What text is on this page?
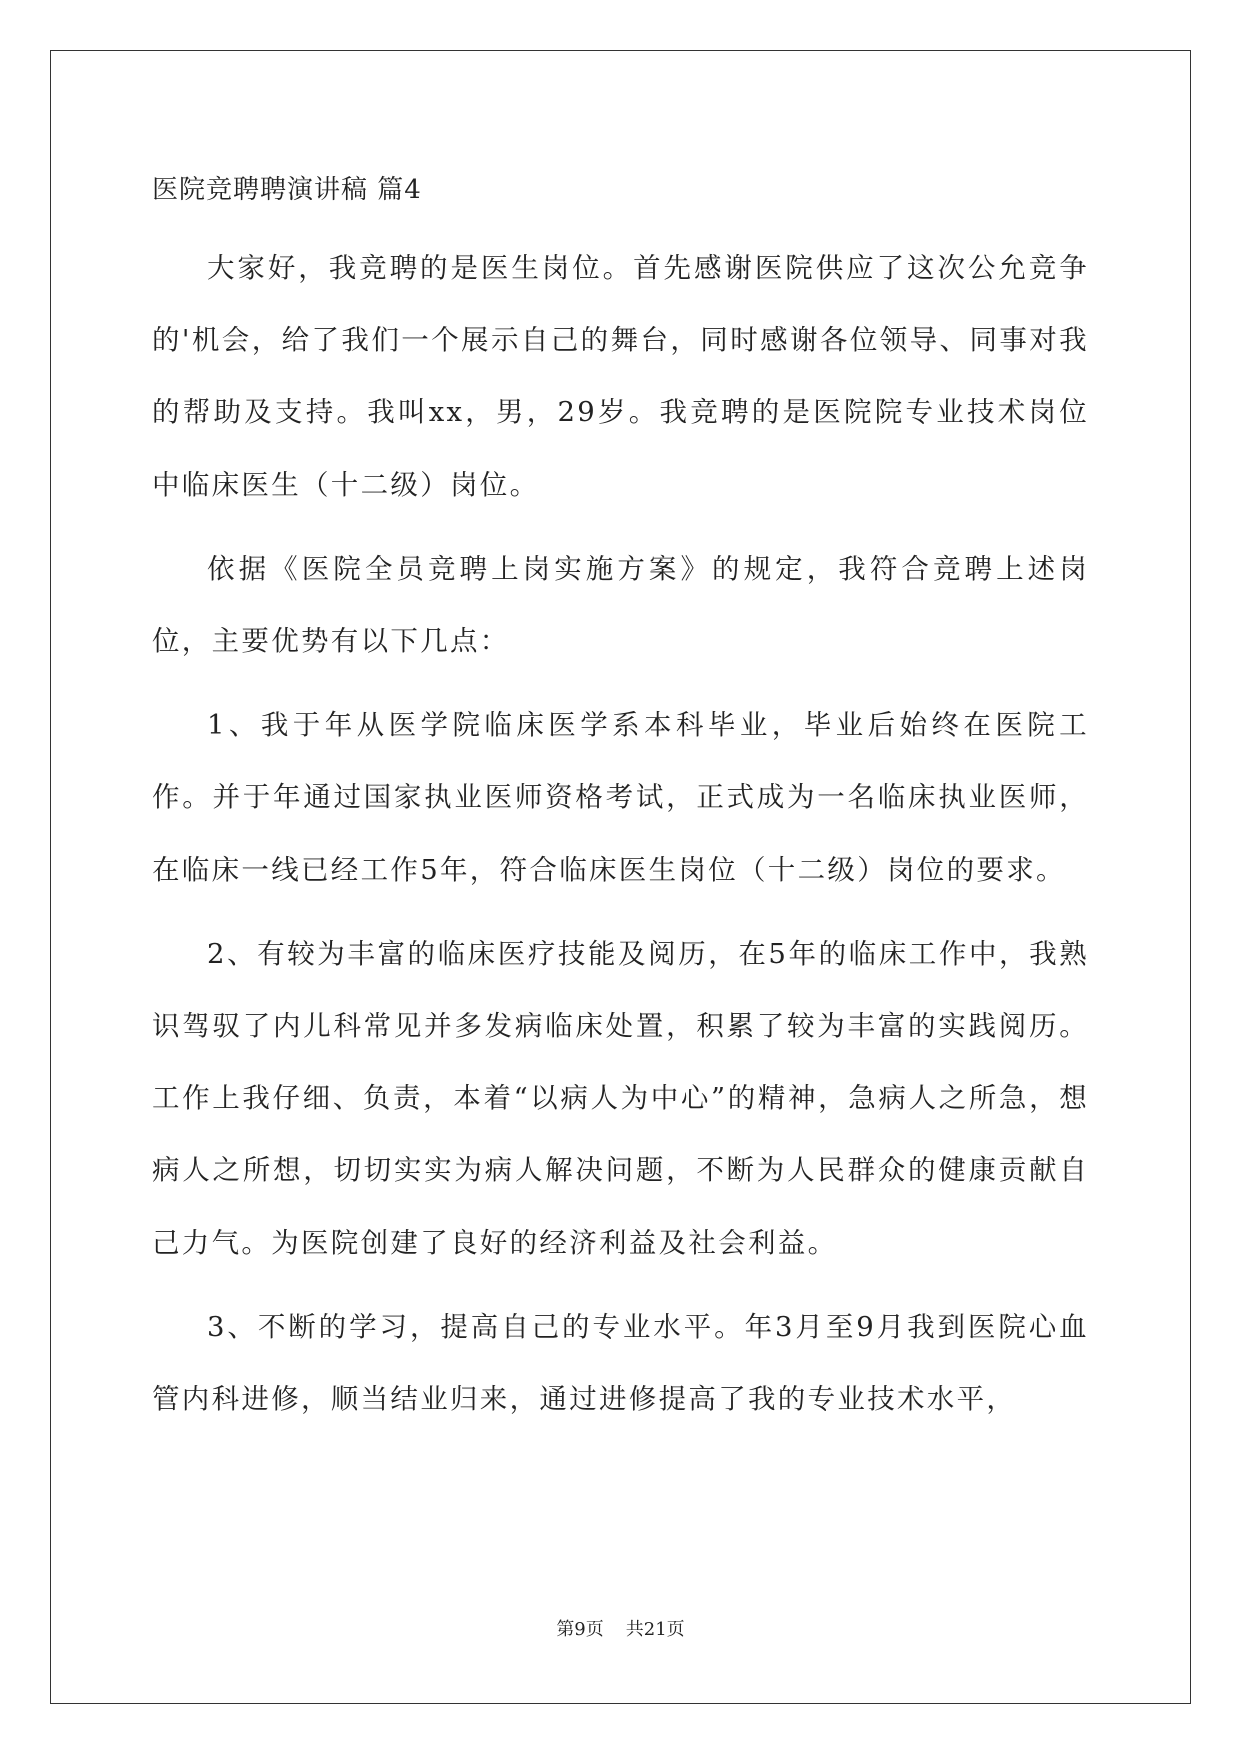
医院竞聘聘演讲稿 篇4

大家好，我竞聘的是医生岗位。首先感谢医院供应了这次公允竞争的'机会，给了我们一个展示自己的舞台，同时感谢各位领导、同事对我的帮助及支持。我叫xx，男，29岁。我竞聘的是医院院专业技术岗位中临床医生（十二级）岗位。

依据《医院全员竞聘上岗实施方案》的规定，我符合竞聘上述岗位，主要优势有以下几点：

1、我于年从医学院临床医学系本科毕业，毕业后始终在医院工作。并于年通过国家执业医师资格考试，正式成为一名临床执业医师，在临床一线已经工作5年，符合临床医生岗位（十二级）岗位的要求。

2、有较为丰富的临床医疗技能及阅历，在5年的临床工作中，我熟识驾驭了内儿科常见并多发病临床处置，积累了较为丰富的实践阅历。工作上我仔细、负责，本着“以病人为中心”的精神，急病人之所急，想病人之所想，切切实实为病人解决问题，不断为人民群众的健康贡献自己力气。为医院创建了良好的经济利益及社会利益。

3、不断的学习，提高自己的专业水平。年3月至9月我到医院心血管内科进修，顺当结业归来，通过进修提高了我的专业技术水平，

第9页 共21页
